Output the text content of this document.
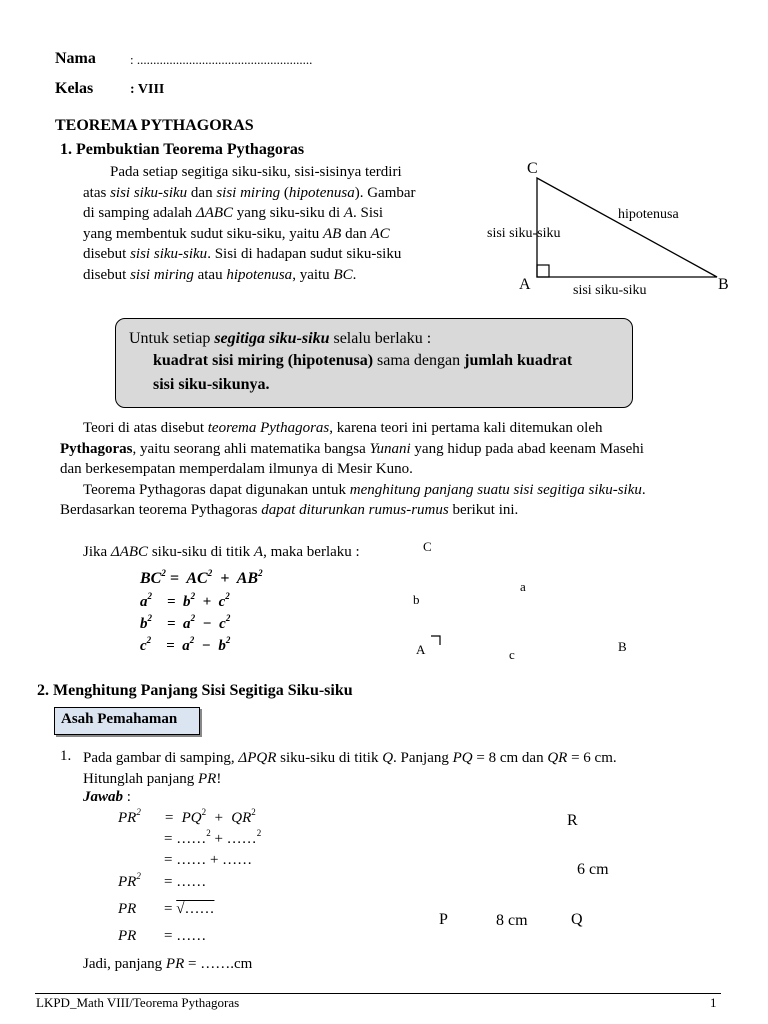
Nama	: ......................................................
Kelas	: VIII
TEOREMA PYTHAGORAS
1. Pembuktian Teorema Pythagoras
Pada setiap segitiga siku-siku, sisi-sisinya terdiri
atas sisi siku-siku dan sisi miring (hipotenusa). Gambar
di samping adalah ΔABC yang siku-siku di A. Sisi
yang membentuk sudut siku-siku, yaitu AB dan AC
disebut sisi siku-siku. Sisi di hadapan sudut siku-siku
disebut sisi miring atau hipotenusa, yaitu BC.
C
A	B
hipotenusa
sisi siku-siku
sisi siku-siku
Untuk setiap segitiga siku-siku selalu berlaku :
kuadrat sisi miring (hipotenusa) sama dengan jumlah kuadrat
sisi siku-sikunya.
Teori di atas disebut teorema Pythagoras, karena teori ini pertama kali ditemukan oleh
Pythagoras, yaitu seorang ahli matematika bangsa Yunani yang hidup pada abad keenam Masehi
dan berkesempatan memperdalam ilmunya di Mesir Kuno.
Teorema Pythagoras dapat digunakan untuk menghitung panjang suatu sisi segitiga siku-siku.
Berdasarkan teorema Pythagoras dapat diturunkan rumus-rumus berikut ini.
Jika ΔABC siku-siku di titik A, maka berlaku :
$BC^2 = AC^2 + AB^2$
$a^2$    =  $b^2 + c^2$
$b^2$    =  $a^2 - c^2$
$c^2$    =  $a^2 - b^2$
C
a
b
A	c
B
2. Menghitung Panjang Sisi Segitiga Siku-siku
Asah Pemahaman
1. Pada gambar di samping, ΔPQR siku-siku di titik Q. Panjang PQ = 8 cm dan QR = 6 cm.
Hitunglah panjang PR!
Jawab :
$PR^2 = PQ^2 + QR^2$
= ……$^2$ + ……$^2$
= …… + ……
$PR^2$ = ……
PR = √……
PR = ……
Jadi, panjang PR = …….cm
R
6 cm
P	8 cm	Q
LKPD_Math VIII/Teorema Pythagoras	1
